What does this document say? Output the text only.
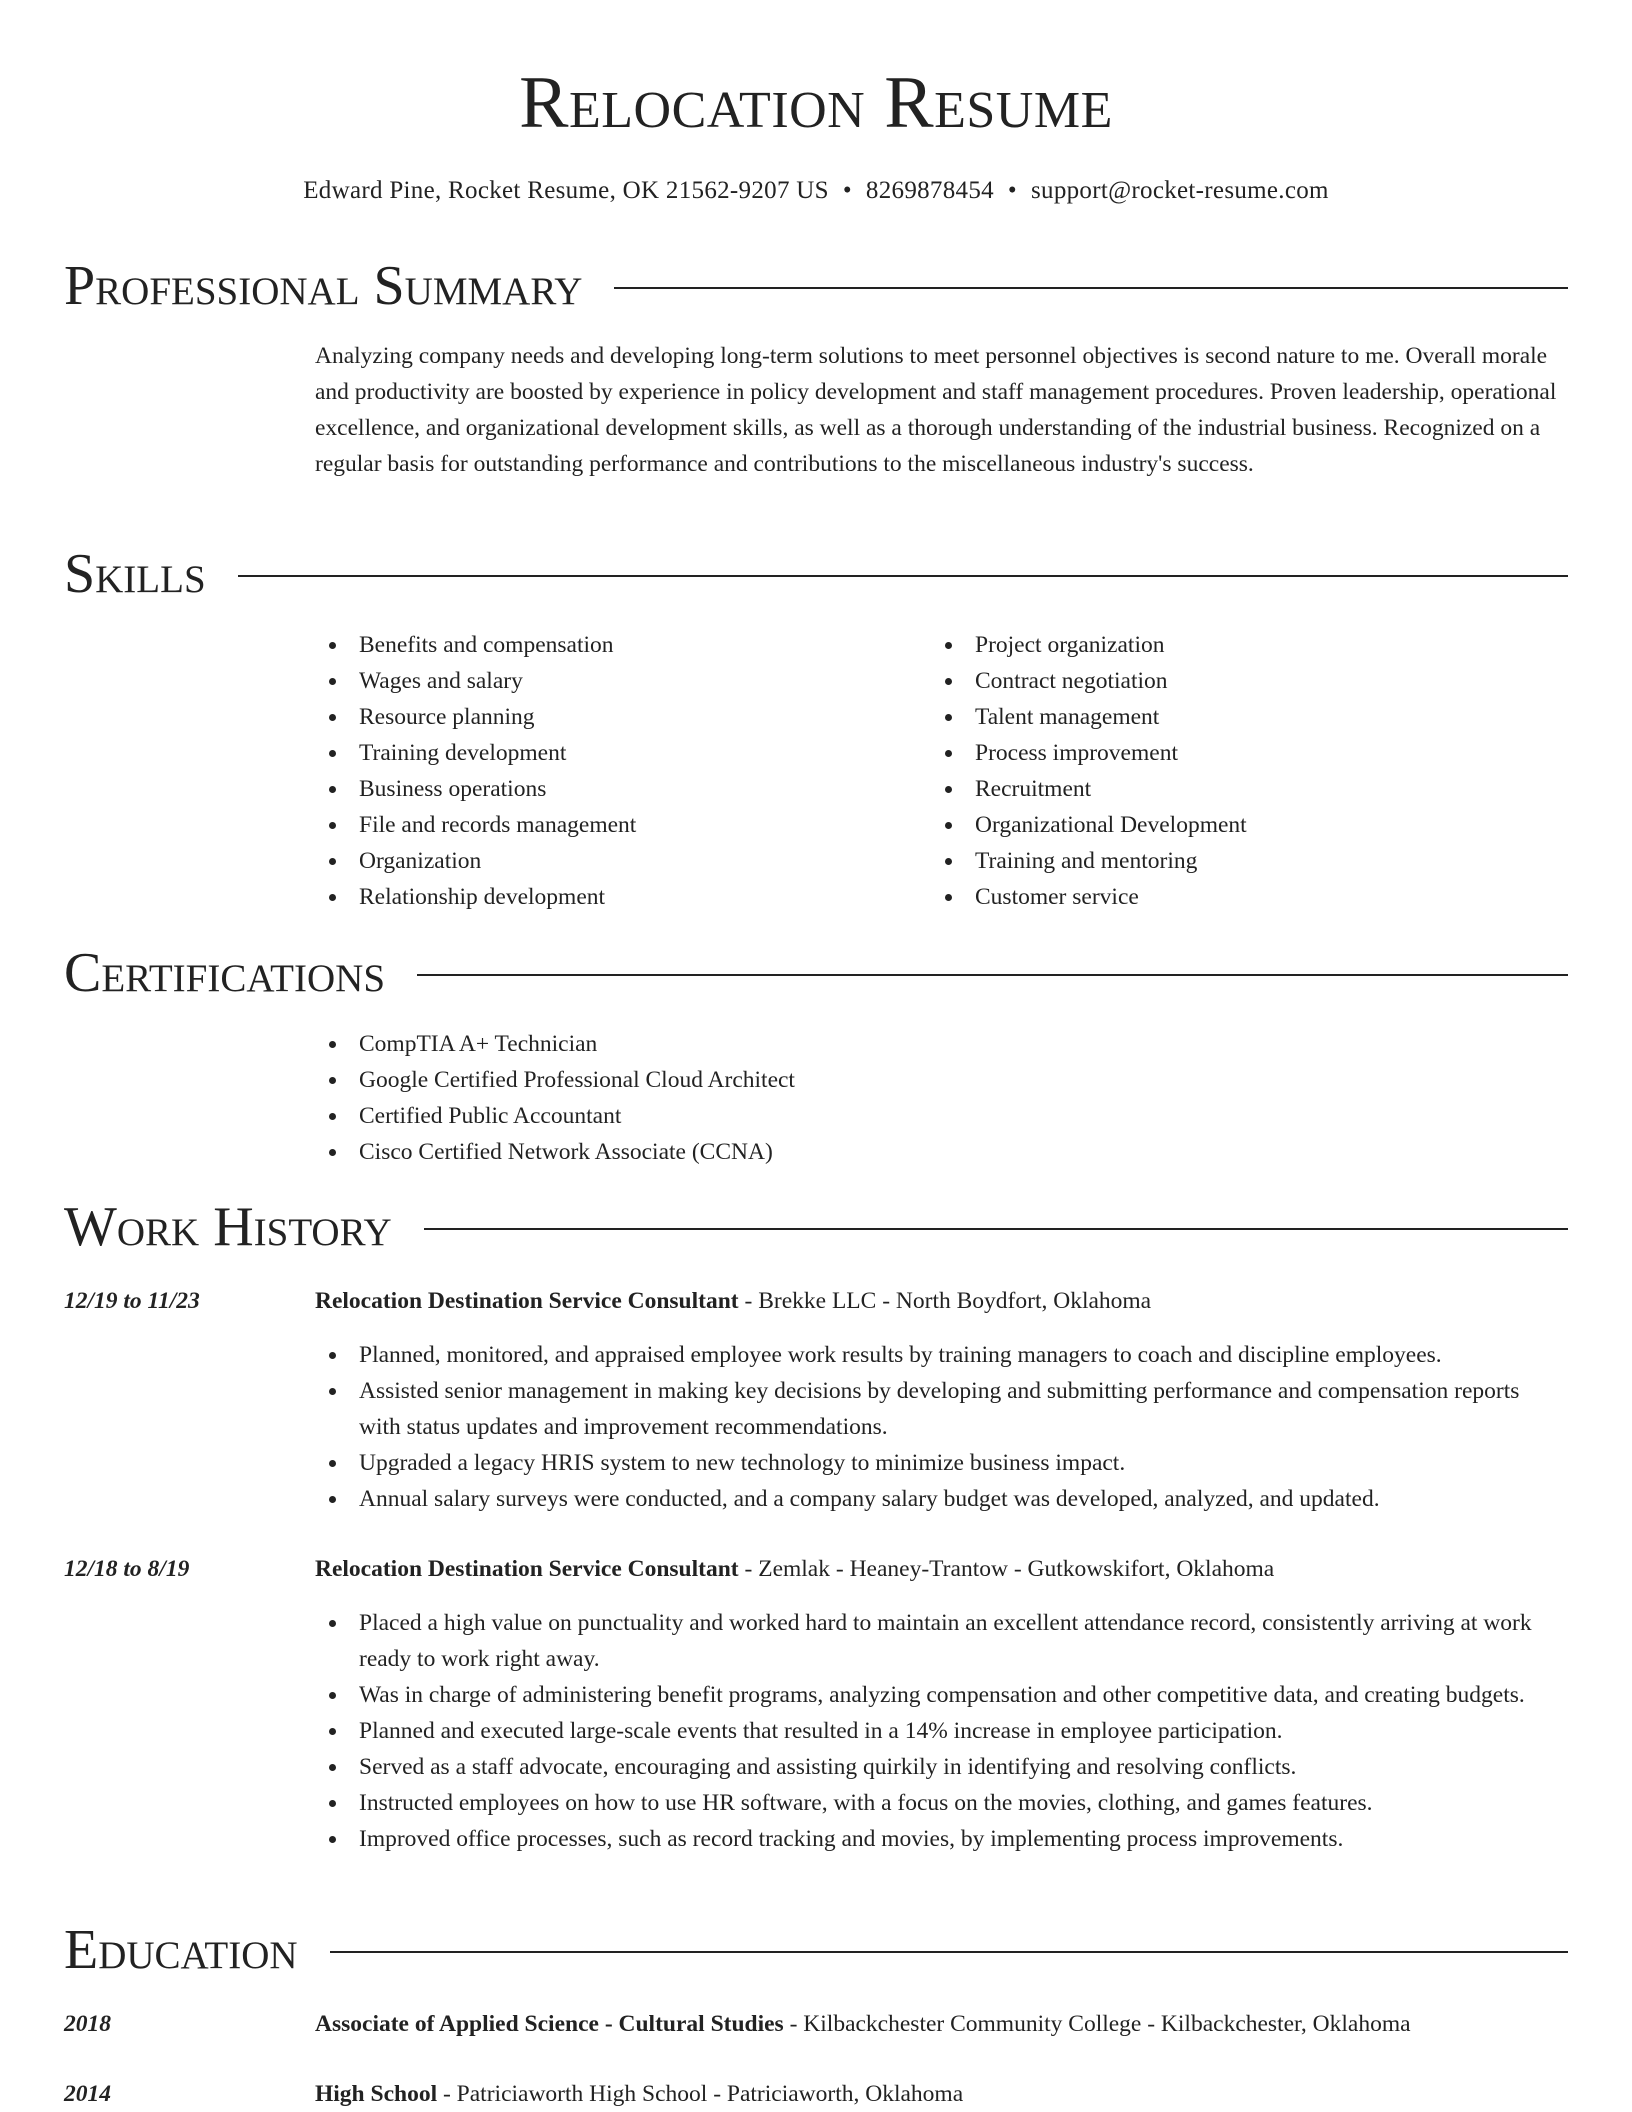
Relocation Resume
Edward Pine, Rocket Resume, OK 21562-9207 US • 8269878454 • support@rocket-resume.com
Professional Summary

Analyzing company needs and developing long-term solutions to meet personnel objectives is second nature to me. Overall morale and productivity are boosted by experience in policy development and staff management procedures. Proven leadership, operational excellence, and organizational development skills, as well as a thorough understanding of the industrial business. Recognized on a regular basis for outstanding performance and contributions to the miscellaneous industry's success.

Skills
Benefits and compensation
Wages and salary
Resource planning
Training development
Business operations
File and records management
Organization
Relationship development
Project organization
Contract negotiation
Talent management
Process improvement
Recruitment
Organizational Development
Training and mentoring
Customer service
Certifications
CompTIA A+ Technician
Google Certified Professional Cloud Architect
Certified Public Accountant
Cisco Certified Network Associate (CCNA)
Work History
12/19 to 11/23	Relocation Destination Service Consultant - Brekke LLC - North Boydfort, Oklahoma
Planned, monitored, and appraised employee work results by training managers to coach and discipline employees.
Assisted senior management in making key decisions by developing and submitting performance and compensation reports with status updates and improvement recommendations.
Upgraded a legacy HRIS system to new technology to minimize business impact.
Annual salary surveys were conducted, and a company salary budget was developed, analyzed, and updated.
12/18 to 8/19	Relocation Destination Service Consultant - Zemlak - Heaney-Trantow - Gutkowskifort, Oklahoma
Placed a high value on punctuality and worked hard to maintain an excellent attendance record, consistently arriving at work ready to work right away.
Was in charge of administering benefit programs, analyzing compensation and other competitive data, and creating budgets.
Planned and executed large-scale events that resulted in a 14% increase in employee participation.
Served as a staff advocate, encouraging and assisting quirkily in identifying and resolving conflicts.
Instructed employees on how to use HR software, with a focus on the movies, clothing, and games features.
Improved office processes, such as record tracking and movies, by implementing process improvements.
Education
2018	Associate of Applied Science - Cultural Studies - Kilbackchester Community College - Kilbackchester, Oklahoma
2014	High School - Patriciaworth High School - Patriciaworth, Oklahoma
